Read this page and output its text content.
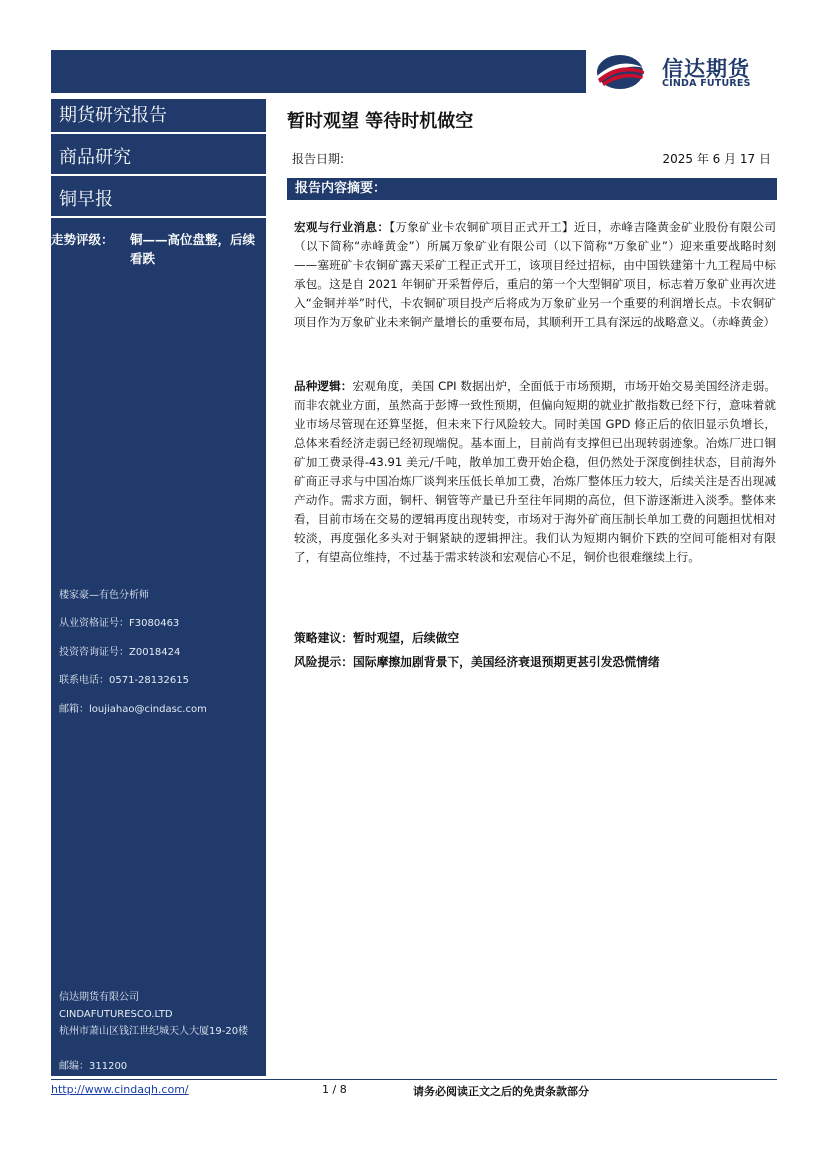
信达期货
CINDA FUTURES
期货研究报告
商品研究
铜早报
走势评级： 铜——高位盘整，后续看跌
楼家豪—有色分析师
从业资格证号：F3080463
投资咨询证号：Z0018424
联系电话：0571-28132615
邮箱：loujiahao@cindasc.com
信达期货有限公司
CINDAFUTURESCO.LTD
杭州市萧山区钱江世纪城天人大厦19-20楼
邮编：311200
暂时观望 等待时机做空
报告日期:	2025 年 6 月 17 日
报告内容摘要：
宏观与行业消息：【万象矿业卡农铜矿项目正式开工】近日，赤峰吉隆黄金矿业股份有限公司（以下简称“赤峰黄金”）所属万象矿业有限公司（以下简称“万象矿业”）迎来重要战略时刻——塞班矿卡农铜矿露天采矿工程正式开工，该项目经过招标，由中国铁建第十九工程局中标承包。这是自 2021 年铜矿开采暂停后，重启的第一个大型铜矿项目，标志着万象矿业再次进入“金铜并举”时代，卡农铜矿项目投产后将成为万象矿业另一个重要的利润增长点。卡农铜矿项目作为万象矿业未来铜产量增长的重要布局，其顺利开工具有深远的战略意义。（赤峰黄金）
品种逻辑：宏观角度，美国 CPI 数据出炉，全面低于市场预期，市场开始交易美国经济走弱。而非农就业方面，虽然高于彭博一致性预期，但偏向短期的就业扩散指数已经下行，意味着就业市场尽管现在还算坚挺，但未来下行风险较大。同时美国 GPD 修正后的依旧显示负增长，总体来看经济走弱已经初现端倪。基本面上，目前尚有支撑但已出现转弱迹象。冶炼厂进口铜矿加工费录得-43.91 美元/千吨，散单加工费开始企稳，但仍然处于深度倒挂状态，目前海外矿商正寻求与中国冶炼厂谈判来压低长单加工费，冶炼厂整体压力较大，后续关注是否出现减产动作。需求方面，铜杆、铜管等产量已升至往年同期的高位，但下游逐渐进入淡季。整体来看，目前市场在交易的逻辑再度出现转变，市场对于海外矿商压制长单加工费的问题担忧相对较淡，再度强化多头对于铜紧缺的逻辑押注。我们认为短期内铜价下跌的空间可能相对有限了，有望高位维持，不过基于需求转淡和宏观信心不足，铜价也很难继续上行。
策略建议：暂时观望，后续做空
风险提示：国际摩擦加剧背景下，美国经济衰退预期更甚引发恐慌情绪
http://www.cindaqh.com/	1 / 8	请务必阅读正文之后的免责条款部分
